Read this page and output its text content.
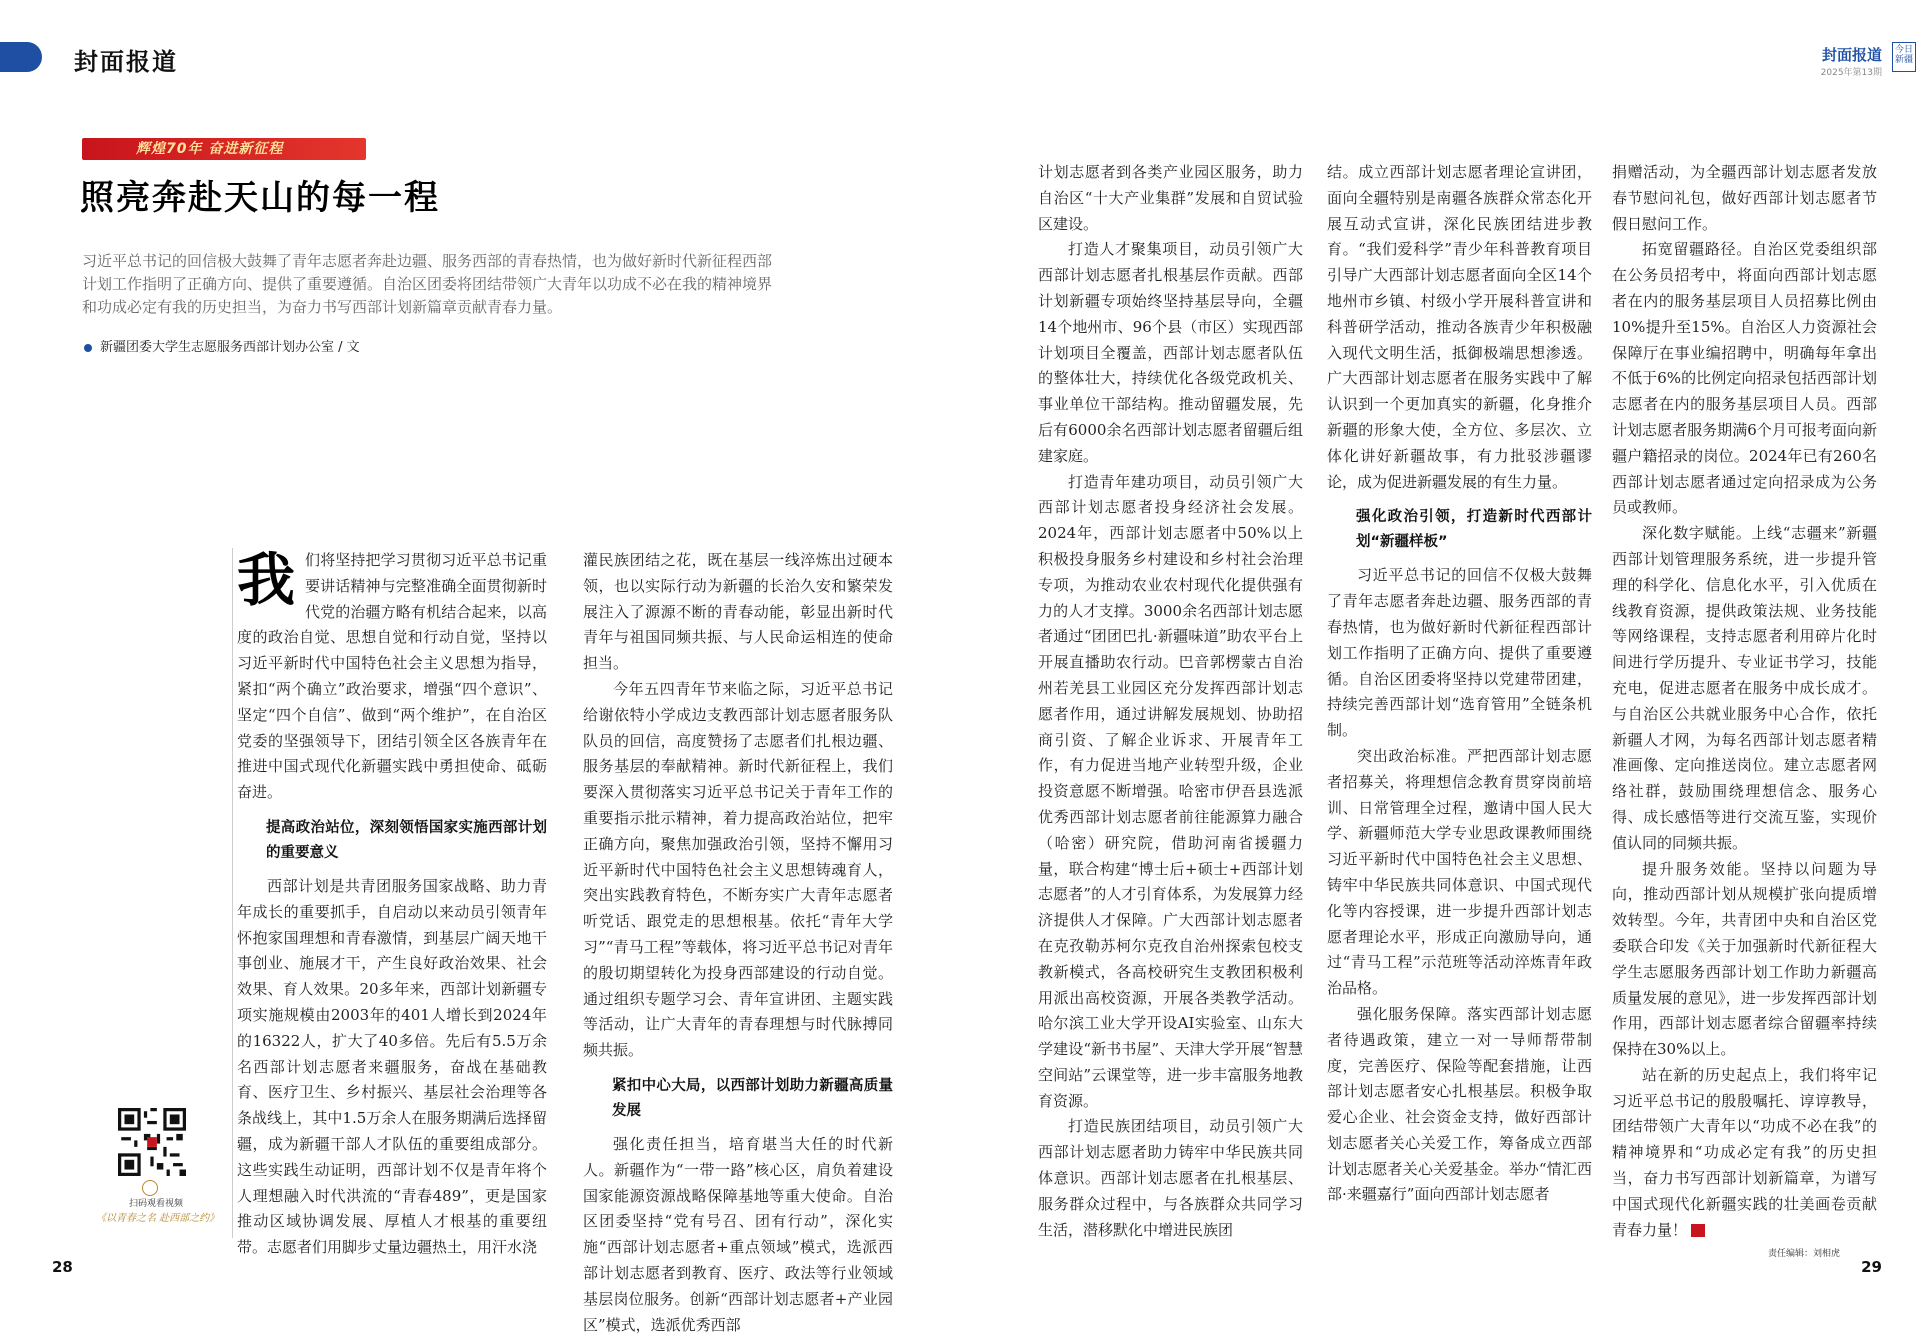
封面报道	封面报道
2025年第13期
今日新疆
辉煌70年 奋进新征程
照亮奔赴天山的每一程
习近平总书记的回信极大鼓舞了青年志愿者奔赴边疆、服务西部的青春热情，也为做好新时代新征程西部计划工作指明了正确方向、提供了重要遵循。自治区团委将团结带领广大青年以功成不必在我的精神境界和功成必定有我的历史担当，为奋力书写西部计划新篇章贡献青春力量。
新疆团委大学生志愿服务西部计划办公室 / 文
我 们将坚持把学习贯彻习近平总书记重要讲话精神与完整准确全面贯彻新时代党的治疆方略有机结合起来，以高度的政治自觉、思想自觉和行动自觉，坚持以习近平新时代中国特色社会主义思想为指导，紧扣“两个确立”政治要求，增强“四个意识”、坚定“四个自信”、做到“两个维护”，在自治区党委的坚强领导下，团结引领全区各族青年在推进中国式现代化新疆实践中勇担使命、砥砺奋进。

提高政治站位，深刻领悟国家实施西部计划的重要意义

西部计划是共青团服务国家战略、助力青年成长的重要抓手，自启动以来动员引领青年怀抱家国理想和青春激情，到基层广阔天地干事创业、施展才干，产生良好政治效果、社会效果、育人效果。20多年来，西部计划新疆专项实施规模由2003年的401人增长到2024年的16322人，扩大了40多倍。先后有5.5万余名西部计划志愿者来疆服务，奋战在基础教育、医疗卫生、乡村振兴、基层社会治理等各条战线上，其中1.5万余人在服务期满后选择留疆，成为新疆干部人才队伍的重要组成部分。这些实践生动证明，西部计划不仅是青年将个人理想融入时代洪流的“青春489”，更是国家推动区域协调发展、厚植人才根基的重要纽带。志愿者们用脚步丈量边疆热土，用汗水浇

灌民族团结之花，既在基层一线淬炼出过硬本领，也以实际行动为新疆的长治久安和繁荣发展注入了源源不断的青春动能，彰显出新时代青年与祖国同频共振、与人民命运相连的使命担当。

今年五四青年节来临之际，习近平总书记给谢依特小学成边支教西部计划志愿者服务队队员的回信，高度赞扬了志愿者们扎根边疆、服务基层的奉献精神。新时代新征程上，我们要深入贯彻落实习近平总书记关于青年工作的重要指示批示精神，着力提高政治站位，把牢正确方向，聚焦加强政治引领，坚持不懈用习近平新时代中国特色社会主义思想铸魂育人，突出实践教育特色，不断夯实广大青年志愿者听党话、跟党走的思想根基。依托“青年大学习”“青马工程”等载体，将习近平总书记对青年的殷切期望转化为投身西部建设的行动自觉。通过组织专题学习会、青年宣讲团、主题实践等活动，让广大青年的青春理想与时代脉搏同频共振。

紧扣中心大局，以西部计划助力新疆高质量发展

强化责任担当，培育堪当大任的时代新人。新疆作为“一带一路”核心区，肩负着建设国家能源资源战略保障基地等重大使命。自治区团委坚持“党有号召、团有行动”，深化实施“西部计划志愿者+重点领域”模式，选派西部计划志愿者到教育、医疗、政法等行业领域基层岗位服务。创新“西部计划志愿者+产业园区”模式，选派优秀西部

扫码观看视频
《以青春之名 赴西部之约》

计划志愿者到各类产业园区服务，助力自治区“十大产业集群”发展和自贸试验区建设。

打造人才聚集项目，动员引领广大西部计划志愿者扎根基层作贡献。西部计划新疆专项始终坚持基层导向，全疆14个地州市、96个县（市区）实现西部计划项目全覆盖，西部计划志愿者队伍的整体壮大，持续优化各级党政机关、事业单位干部结构。推动留疆发展，先后有6000余名西部计划志愿者留疆后组建家庭。

打造青年建功项目，动员引领广大西部计划志愿者投身经济社会发展。2024年，西部计划志愿者中50%以上积极投身服务乡村建设和乡村社会治理专项，为推动农业农村现代化提供强有力的人才支撑。3000余名西部计划志愿者通过“团团巴扎·新疆味道”助农平台上开展直播助农行动。巴音郭楞蒙古自治州若羌县工业园区充分发挥西部计划志愿者作用，通过讲解发展规划、协助招商引资、了解企业诉求、开展青年工作，有力促进当地产业转型升级，企业投资意愿不断增强。哈密市伊吾县选派优秀西部计划志愿者前往能源算力融合（哈密）研究院，借助河南省援疆力量，联合构建“博士后+硕士+西部计划志愿者”的人才引育体系，为发展算力经济提供人才保障。广大西部计划志愿者在克孜勒苏柯尔克孜自治州探索包校支教新模式，各高校研究生支教团积极利用派出高校资源，开展各类教学活动。哈尔滨工业大学开设AI实验室、山东大学建设“新书书屋”、天津大学开展“智慧空间站”云课堂等，进一步丰富服务地教育资源。

打造民族团结项目，动员引领广大西部计划志愿者助力铸牢中华民族共同体意识。西部计划志愿者在扎根基层、服务群众过程中，与各族群众共同学习生活，潜移默化中增进民族团

结。成立西部计划志愿者理论宣讲团，面向全疆特别是南疆各族群众常态化开展互动式宣讲，深化民族团结进步教育。“我们爱科学”青少年科普教育项目引导广大西部计划志愿者面向全区14个地州市乡镇、村级小学开展科普宣讲和科普研学活动，推动各族青少年积极融入现代文明生活，抵御极端思想渗透。广大西部计划志愿者在服务实践中了解认识到一个更加真实的新疆，化身推介新疆的形象大使，全方位、多层次、立体化讲好新疆故事，有力批驳涉疆谬论，成为促进新疆发展的有生力量。

强化政治引领，打造新时代西部计划“新疆样板”

习近平总书记的回信不仅极大鼓舞了青年志愿者奔赴边疆、服务西部的青春热情，也为做好新时代新征程西部计划工作指明了正确方向、提供了重要遵循。自治区团委将坚持以党建带团建，持续完善西部计划“选育管用”全链条机制。

突出政治标准。严把西部计划志愿者招募关，将理想信念教育贯穿岗前培训、日常管理全过程，邀请中国人民大学、新疆师范大学专业思政课教师围绕习近平新时代中国特色社会主义思想、铸牢中华民族共同体意识、中国式现代化等内容授课，进一步提升西部计划志愿者理论水平，形成正向激励导向，通过“青马工程”示范班等活动淬炼青年政治品格。

强化服务保障。落实西部计划志愿者待遇政策，建立一对一导师帮带制度，完善医疗、保险等配套措施，让西部计划志愿者安心扎根基层。积极争取爱心企业、社会资金支持，做好西部计划志愿者关心关爱工作，筹备成立西部计划志愿者关心关爱基金。举办“情汇西部·来疆嘉行”面向西部计划志愿者

捐赠活动，为全疆西部计划志愿者发放春节慰问礼包，做好西部计划志愿者节假日慰问工作。

拓宽留疆路径。自治区党委组织部在公务员招考中，将面向西部计划志愿者在内的服务基层项目人员招募比例由10%提升至15%。自治区人力资源社会保障厅在事业编招聘中，明确每年拿出不低于6%的比例定向招录包括西部计划志愿者在内的服务基层项目人员。西部计划志愿者服务期满6个月可报考面向新疆户籍招录的岗位。2024年已有260名西部计划志愿者通过定向招录成为公务员或教师。

深化数字赋能。上线“志疆来”新疆西部计划管理服务系统，进一步提升管理的科学化、信息化水平，引入优质在线教育资源，提供政策法规、业务技能等网络课程，支持志愿者利用碎片化时间进行学历提升、专业证书学习，技能充电，促进志愿者在服务中成长成才。与自治区公共就业服务中心合作，依托新疆人才网，为每名西部计划志愿者精准画像、定向推送岗位。建立志愿者网络社群，鼓励围绕理想信念、服务心得、成长感悟等进行交流互鉴，实现价值认同的同频共振。

提升服务效能。坚持以问题为导向，推动西部计划从规模扩张向提质增效转型。今年，共青团中央和自治区党委联合印发《关于加强新时代新征程大学生志愿服务西部计划工作助力新疆高质量发展的意见》，进一步发挥西部计划作用，西部计划志愿者综合留疆率持续保持在30%以上。

站在新的历史起点上，我们将牢记习近平总书记的殷殷嘱托、谆谆教导，团结带领广大青年以“功成不必在我”的精神境界和“功成必定有我”的历史担当，奋力书写西部计划新篇章，为谱写中国式现代化新疆实践的壮美画卷贡献青春力量！

28	29
责任编辑：刘相虎
